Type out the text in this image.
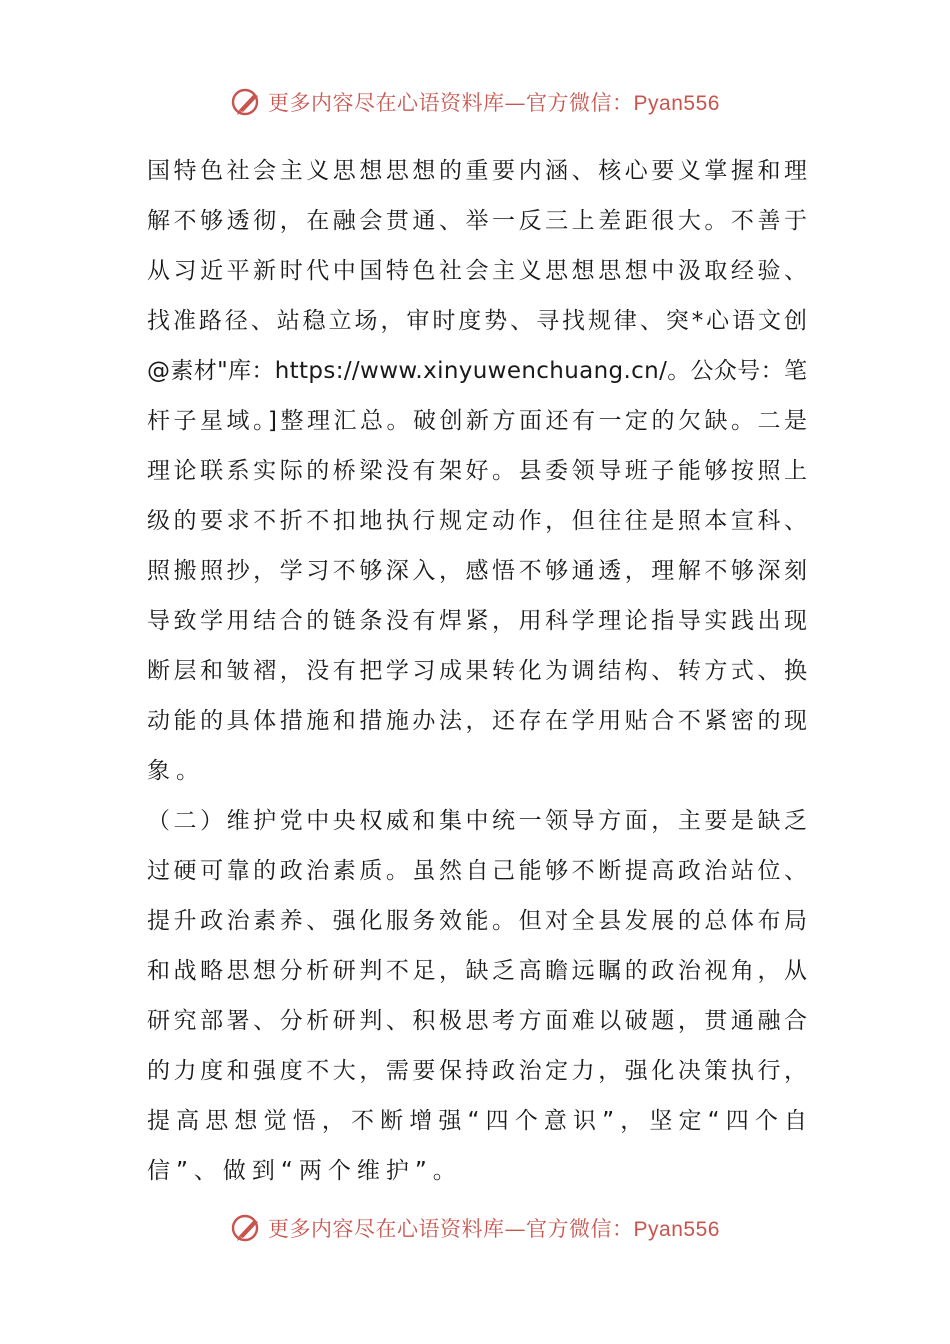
更多内容尽在心语资料库—官方微信：Pyan556
国特色社会主义思想思想的重要内涵、核心要义掌握和理
解不够透彻，在融会贯通、举一反三上差距很大。不善于
从习近平新时代中国特色社会主义思想思想中汲取经验、
找准路径、站稳立场，审时度势、寻找规律、突*心语文创
@素材"库：https://www.xinyuwenchuang.cn/。公众号：笔
杆子星域。]整理汇总。破创新方面还有一定的欠缺。二是
理论联系实际的桥梁没有架好。县委领导班子能够按照上
级的要求不折不扣地执行规定动作，但往往是照本宣科、
照搬照抄，学习不够深入，感悟不够通透，理解不够深刻
导致学用结合的链条没有焊紧，用科学理论指导实践出现
断层和皱褶，没有把学习成果转化为调结构、转方式、换
动能的具体措施和措施办法，还存在学用贴合不紧密的现
象。
（二）维护党中央权威和集中统一领导方面，主要是缺乏
过硬可靠的政治素质。虽然自己能够不断提高政治站位、
提升政治素养、强化服务效能。但对全县发展的总体布局
和战略思想分析研判不足，缺乏高瞻远瞩的政治视角，从
研究部署、分析研判、积极思考方面难以破题，贯通融合
的力度和强度不大，需要保持政治定力，强化决策执行，
提高思想觉悟，不断增强“四个意识”，坚定“四个自
信”、做到“两个维护”。
更多内容尽在心语资料库—官方微信：Pyan556
